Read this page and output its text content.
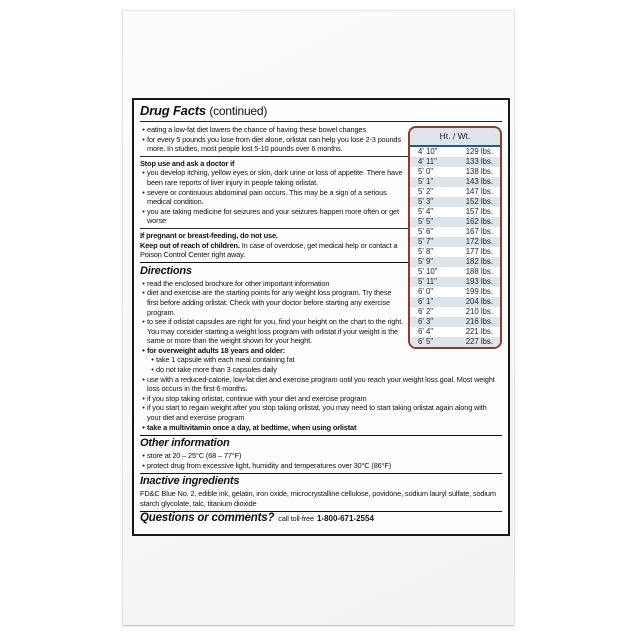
Drug Facts (continued)
Ht. / Wt.
4' 10"	129 lbs.
4' 11"	133 lbs.
5' 0"	138 lbs.
5' 1"	143 lbs.
5' 2"	147 lbs.
5' 3"	152 lbs.
5' 4"	157 lbs.
5' 5"	162 lbs.
5' 6"	167 lbs.
5' 7"	172 lbs.
5' 8"	177 lbs.
5' 9"	182 lbs.
5' 10"	188 lbs.
5' 11"	193 lbs.
6' 0"	199 lbs.
6' 1"	204 lbs.
6' 2"	210 lbs.
6' 3"	216 lbs.
6' 4"	221 lbs.
6' 5"	227 lbs.
• eating a low-fat diet lowers the chance of having these bowel changes
• for every 5 pounds you lose from diet alone, orlistat can help you lose 2-3 pounds more. In studies, most people lost 5-10 pounds over 6 months.
Stop use and ask a doctor if
• you develop itching, yellow eyes or skin, dark urine or loss of appetite. There have been rare reports of liver injury in people taking orlistat.
• severe or continuous abdominal pain occurs. This may be a sign of a serious medical condition.
• you are taking medicine for seizures and your seizures happen more often or get worse
If pregnant or breast-feeding, do not use.
Keep out of reach of children. In case of overdose, get medical help or contact a Poison Control Center right away.
Directions
• read the enclosed brochure for other important information
• diet and exercise are the starting points for any weight loss program. Try these first before adding orlistat. Check with your doctor before starting any exercise program.
• to see if orlistat capsules are right for you, find your height on the chart to the right. You may consider starting a weight loss program with orlistat if your weight is the same or more than the weight shown for your height.
• for overweight adults 18 years and older:
• take 1 capsule with each meal containing fat
• do not take more than 3 capsules daily
• use with a reduced-calorie, low-fat diet and exercise program until you reach your weight loss goal. Most weight loss occurs in the first 6 months.
• if you stop taking orlistat, continue with your diet and exercise program
• if you start to regain weight after you stop taking orlistat, you may need to start taking orlistat again along with your diet and exercise program
• take a multivitamin once a day, at bedtime, when using orlistat
Other information
• store at 20 – 25°C (68 – 77°F)
• protect drug from excessive light, humidity and temperatures over 30°C (86°F)
Inactive ingredients
FD&C Blue No. 2, edible ink, gelatin, iron oxide, microcrystalline cellulose, povidone, sodium lauryl sulfate, sodium starch glycolate, talc, titanium dioxide
Questions or comments? call toll-free 1-800-671-2554
